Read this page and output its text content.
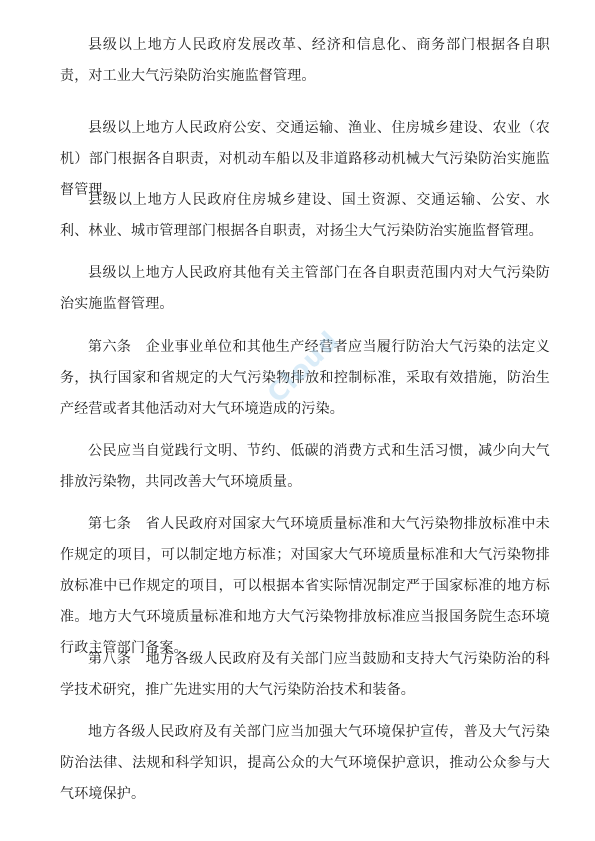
县级以上地方人民政府发展改革、经济和信息化、商务部门根据各自职责，对工业大气污染防治实施监督管理。

县级以上地方人民政府公安、交通运输、渔业、住房城乡建设、农业（农机）部门根据各自职责，对机动车船以及非道路移动机械大气污染防治实施监督管理。

县级以上地方人民政府住房城乡建设、国土资源、交通运输、公安、水利、林业、城市管理部门根据各自职责，对扬尘大气污染防治实施监督管理。

县级以上地方人民政府其他有关主管部门在各自职责范围内对大气污染防治实施监督管理。

第六条　企业事业单位和其他生产经营者应当履行防治大气污染的法定义务，执行国家和省规定的大气污染物排放和控制标准，采取有效措施，防治生产经营或者其他活动对大气环境造成的污染。

公民应当自觉践行文明、节约、低碳的消费方式和生活习惯，减少向大气排放污染物，共同改善大气环境质量。

第七条　省人民政府对国家大气环境质量标准和大气污染物排放标准中未作规定的项目，可以制定地方标准；对国家大气环境质量标准和大气污染物排放标准中已作规定的项目，可以根据本省实际情况制定严于国家标准的地方标准。地方大气环境质量标准和地方大气污染物排放标准应当报国务院生态环境行政主管部门备案。

第八条　地方各级人民政府及有关部门应当鼓励和支持大气污染防治的科学技术研究，推广先进实用的大气污染防治技术和装备。

地方各级人民政府及有关部门应当加强大气环境保护宣传，普及大气污染防治法律、法规和科学知识，提高公众的大气环境保护意识，推动公众参与大气环境保护。

Cloud
